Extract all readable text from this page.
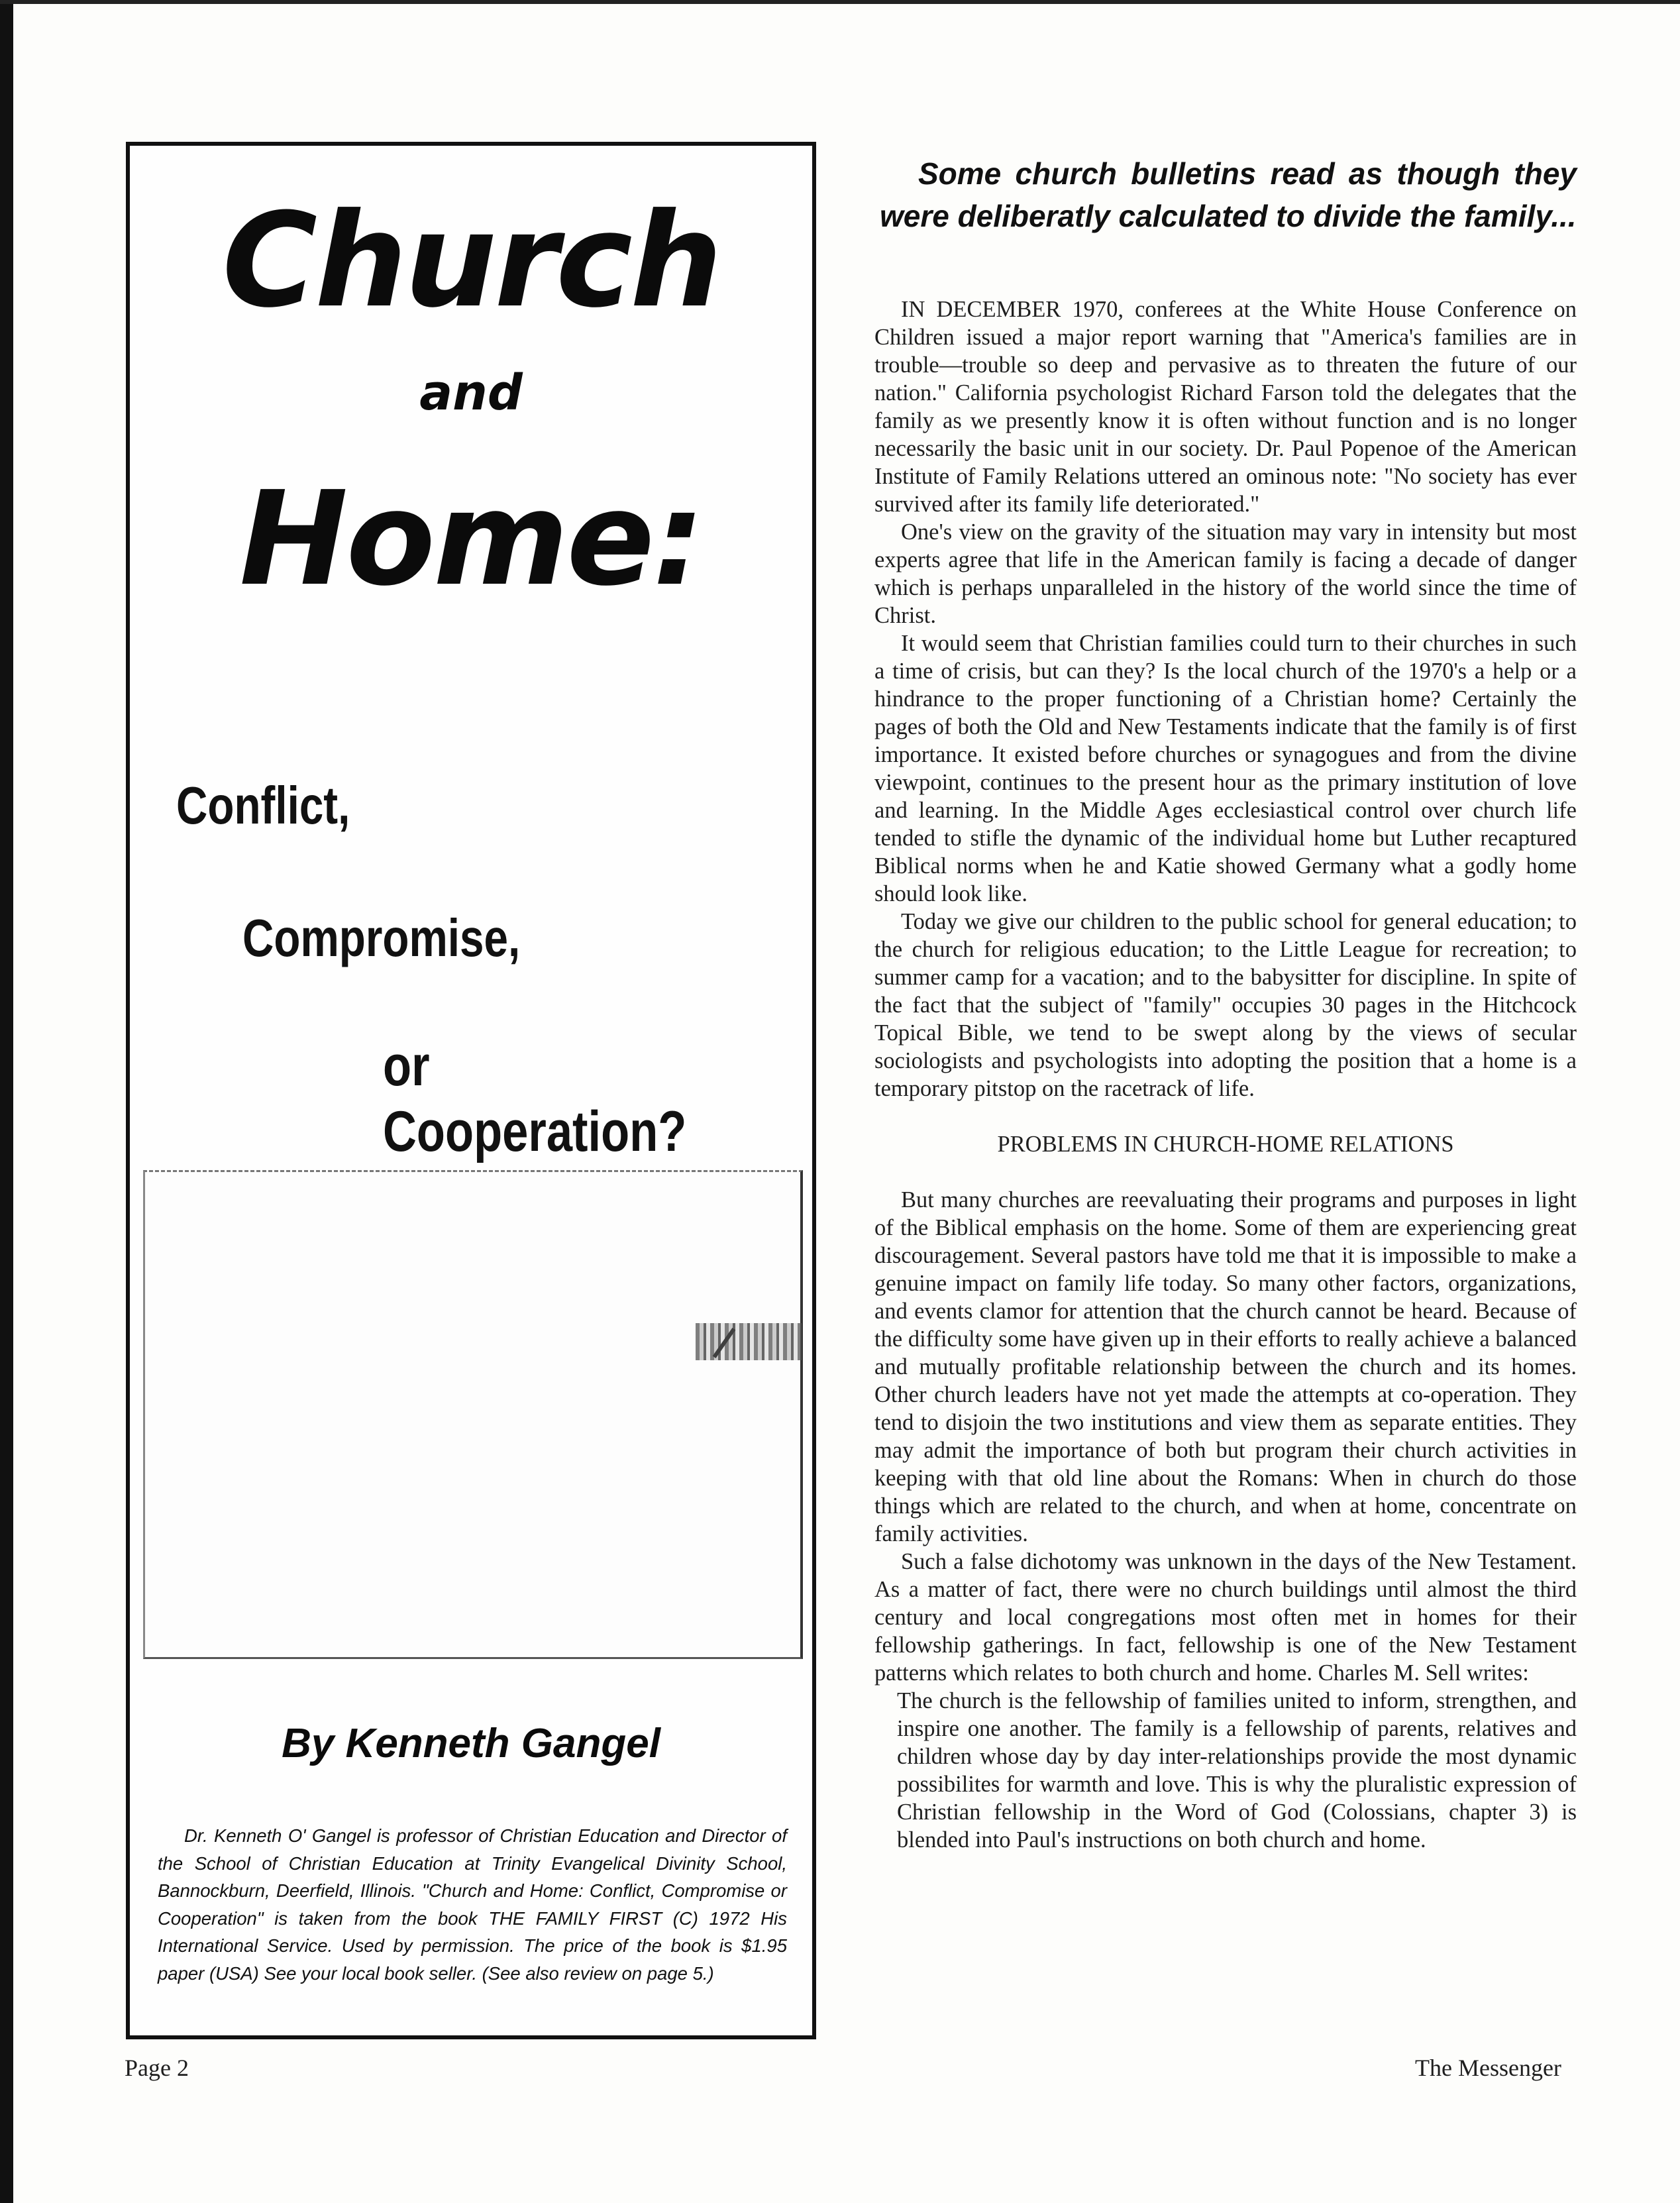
Church
and
Home:
Conflict,
Compromise,
or Cooperation?
By Kenneth Gangel
Dr. Kenneth O' Gangel is professor of Christian Education and Director of the School of Christian Education at Trinity Evangelical Divinity School, Bannockburn, Deerfield, Illinois. "Church and Home: Conflict, Compromise or Cooperation" is taken from the book THE FAMILY FIRST (C) 1972 His International Service. Used by permission. The price of the book is $1.95 paper (USA) See your local book seller. (See also review on page 5.)
Some church bulletins read as though they were deliberatly calculated to divide the family...

IN DECEMBER 1970, conferees at the White House Conference on Children issued a major report warning that "America's families are in trouble—trouble so deep and pervasive as to threaten the future of our nation." California psychologist Richard Farson told the delegates that the family as we presently know it is often without function and is no longer necessarily the basic unit in our society. Dr. Paul Popenoe of the American Institute of Family Relations uttered an ominous note: "No society has ever survived after its family life deteriorated."

One's view on the gravity of the situation may vary in intensity but most experts agree that life in the American family is facing a decade of danger which is perhaps unparalleled in the history of the world since the time of Christ.

It would seem that Christian families could turn to their churches in such a time of crisis, but can they? Is the local church of the 1970's a help or a hindrance to the proper functioning of a Christian home? Certainly the pages of both the Old and New Testaments indicate that the family is of first importance. It existed before churches or synagogues and from the divine viewpoint, continues to the present hour as the primary institution of love and learning. In the Middle Ages ecclesiastical control over church life tended to stifle the dynamic of the individual home but Luther recaptured Biblical norms when he and Katie showed Germany what a godly home should look like.

Today we give our children to the public school for general education; to the church for religious education; to the Little League for recreation; to summer camp for a vacation; and to the babysitter for discipline. In spite of the fact that the subject of "family" occupies 30 pages in the Hitchcock Topical Bible, we tend to be swept along by the views of secular sociologists and psychologists into adopting the position that a home is a temporary pitstop on the racetrack of life.

PROBLEMS IN CHURCH-HOME RELATIONS

But many churches are reevaluating their programs and purposes in light of the Biblical emphasis on the home. Some of them are experiencing great discouragement. Several pastors have told me that it is impossible to make a genuine impact on family life today. So many other factors, organizations, and events clamor for attention that the church cannot be heard. Because of the difficulty some have given up in their efforts to really achieve a balanced and mutually profitable relationship between the church and its homes. Other church leaders have not yet made the attempts at co-operation. They tend to disjoin the two institutions and view them as separate entities. They may admit the importance of both but program their church activities in keeping with that old line about the Romans: When in church do those things which are related to the church, and when at home, concentrate on family activities.

Such a false dichotomy was unknown in the days of the New Testament. As a matter of fact, there were no church buildings until almost the third century and local congregations most often met in homes for their fellowship gatherings. In fact, fellowship is one of the New Testament patterns which relates to both church and home. Charles M. Sell writes:

The church is the fellowship of families united to inform, strengthen, and inspire one another. The family is a fellowship of parents, relatives and children whose day by day inter-relationships provide the most dynamic possibilites for warmth and love. This is why the pluralistic expression of Christian fellowship in the Word of God (Colossians, chapter 3) is blended into Paul's instructions on both church and home.
Page 2	The Messenger
